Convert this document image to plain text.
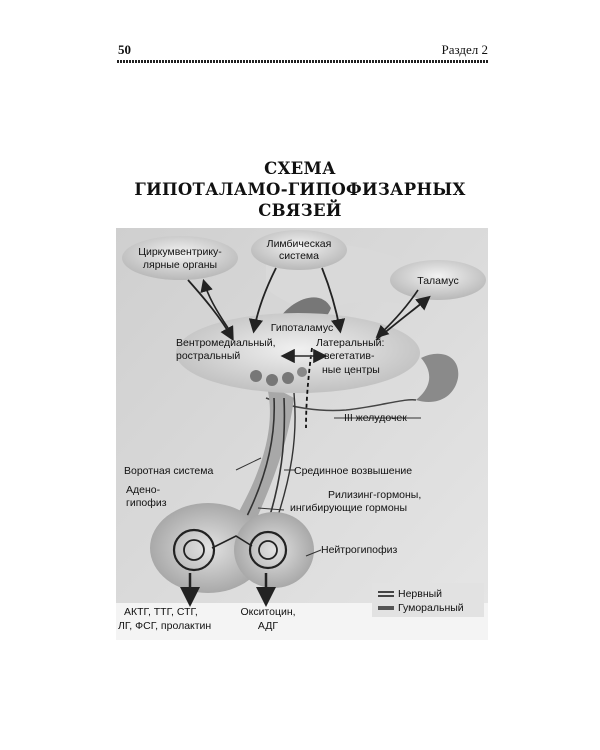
50	Раздел 2
СХЕМА
ГИПОТАЛАМО-ГИПОФИЗАРНЫХ
СВЯЗЕЙ
Циркумвентрику-
лярные органы
Лимбическая
система
Таламус
Гипоталамус
Вентромедиальный,
ростральный
Латеральный:
вегетатив-
ные центры
III желудочек
Воротная система	Срединное возвышение
Адено-
гипофиз
Рилизинг-гормоны,
ингибирующие гормоны
Нейтрогипофиз
АКТГ, ТТГ, СТГ,
ЛГ, ФСГ, пролактин
Окситоцин,
АДГ
Нервный
Гуморальный
